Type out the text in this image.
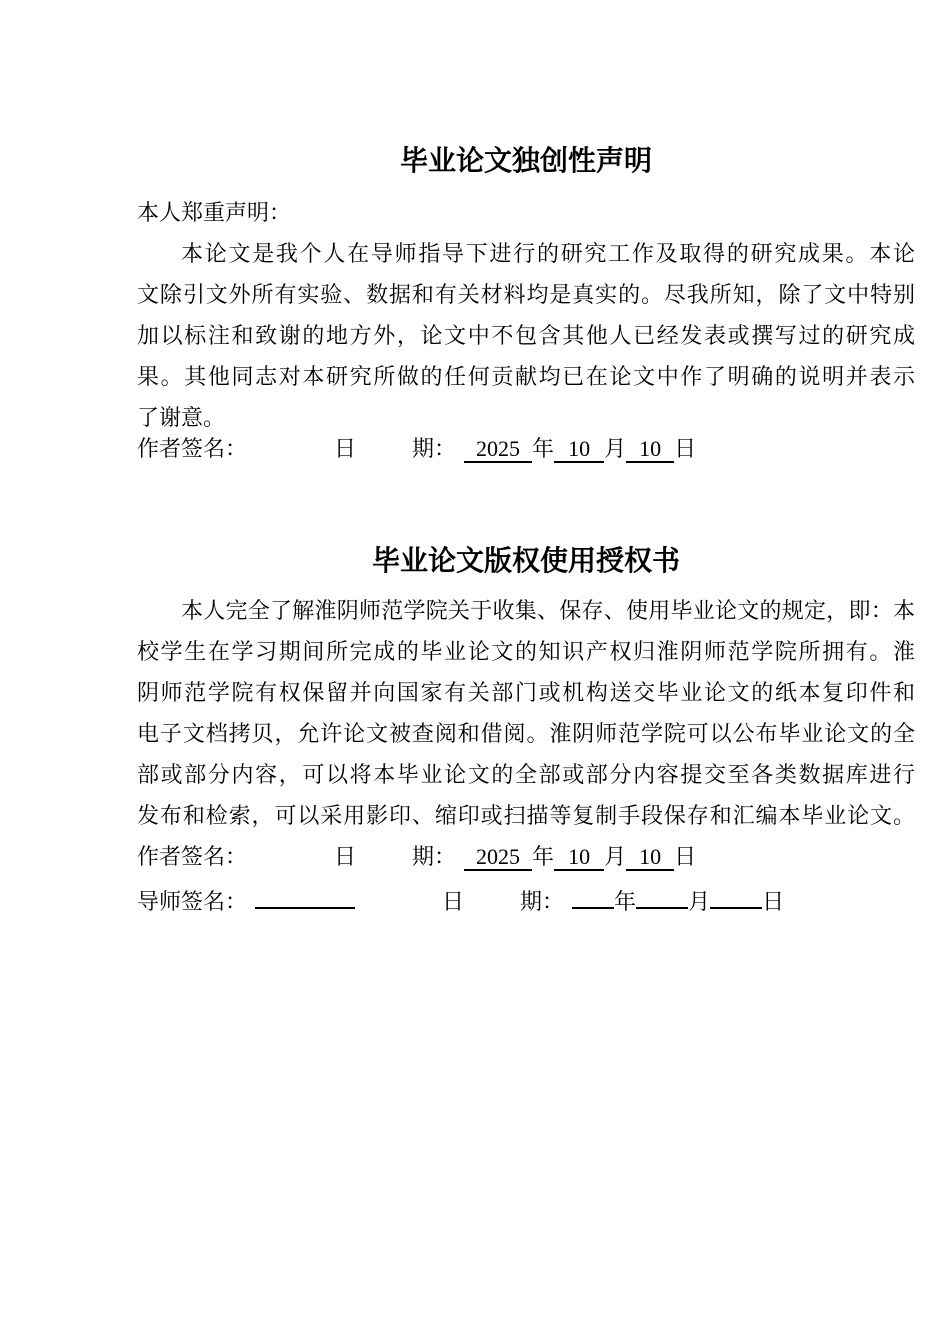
毕业论文独创性声明
本人郑重声明：
本论文是我个人在导师指导下进行的研究工作及取得的研究成果。本论
文除引文外所有实验、数据和有关材料均是真实的。尽我所知，除了文中特别
加以标注和致谢的地方外，论文中不包含其他人已经发表或撰写过的研究成
果。其他同志对本研究所做的任何贡献均已在论文中作了明确的说明并表示
了谢意。
作者签名：	日	期： 2025 年 10 月 10 日
毕业论文版权使用授权书
本人完全了解淮阴师范学院关于收集、保存、使用毕业论文的规定，即：本
校学生在学习期间所完成的毕业论文的知识产权归淮阴师范学院所拥有。淮
阴师范学院有权保留并向国家有关部门或机构送交毕业论文的纸本复印件和
电子文档拷贝，允许论文被查阅和借阅。淮阴师范学院可以公布毕业论文的全
部或部分内容，可以将本毕业论文的全部或部分内容提交至各类数据库进行
发布和检索，可以采用影印、缩印或扫描等复制手段保存和汇编本毕业论文。
作者签名：	日	期： 2025 年 10 月 10 日
导师签名：	日	期： 年 月 日
